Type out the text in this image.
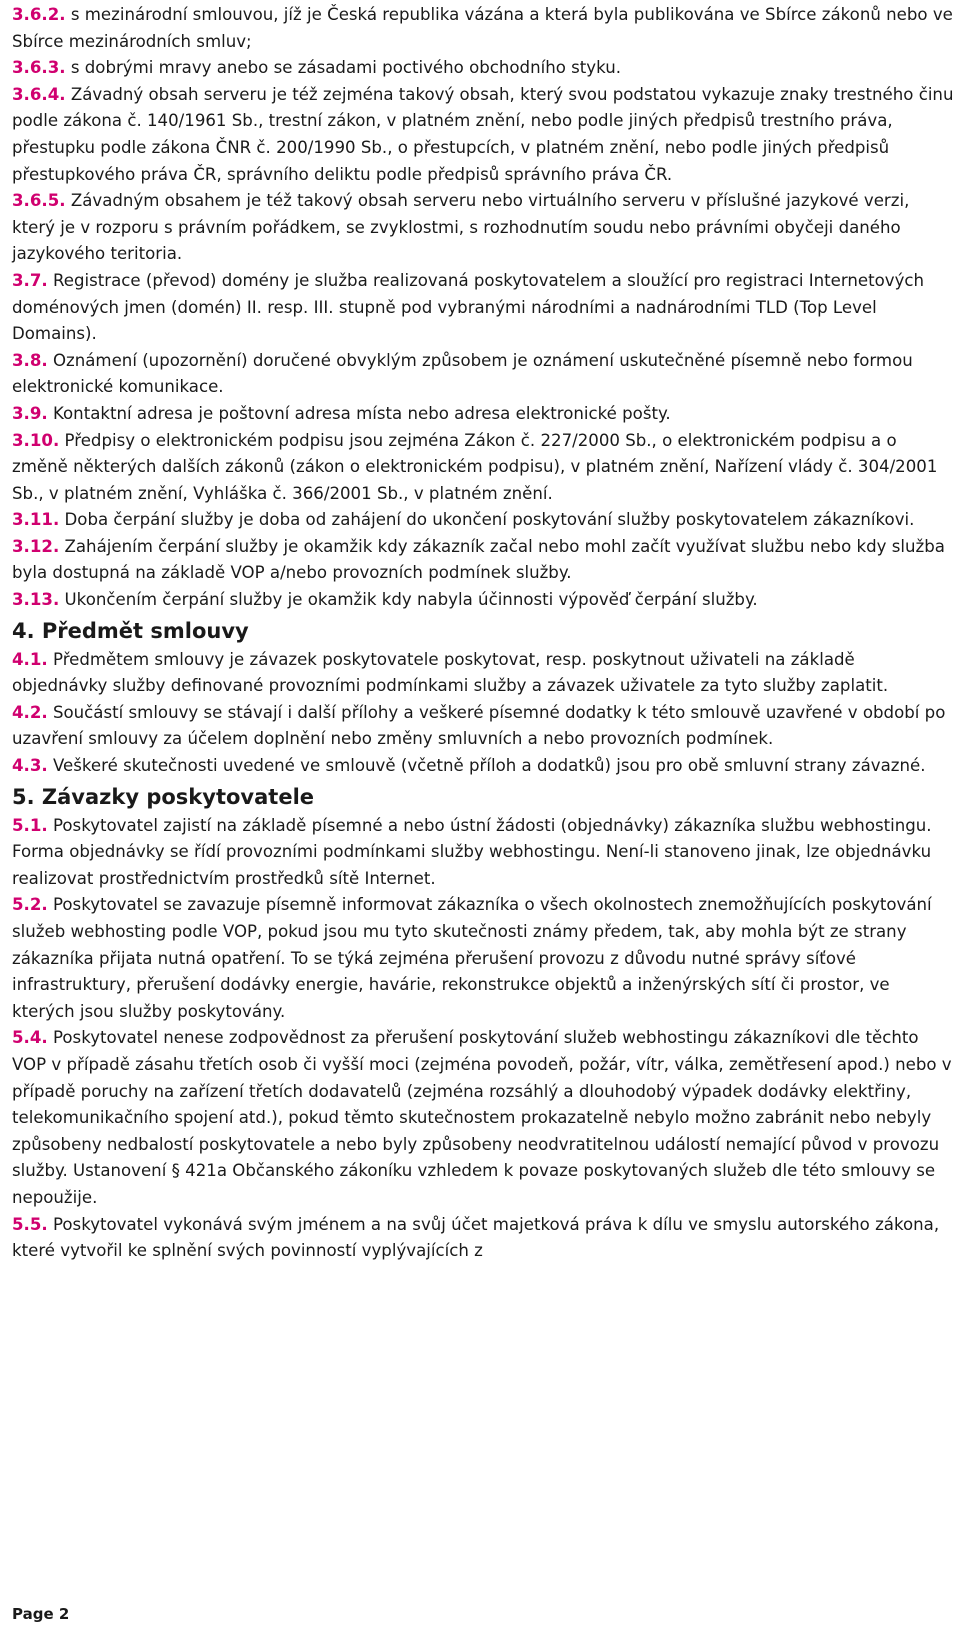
3.6.2. s mezinárodní smlouvou, jíž je Česká republika vázána a která byla publikována ve Sbírce zákonů nebo ve Sbírce mezinárodních smluv;

3.6.3. s dobrými mravy anebo se zásadami poctivého obchodního styku.

3.6.4. Závadný obsah serveru je též zejména takový obsah, který svou podstatou vykazuje znaky trestného činu podle zákona č. 140/1961 Sb., trestní zákon, v platném znění, nebo podle jiných předpisů trestního práva, přestupku podle zákona ČNR č. 200/1990 Sb., o přestupcích, v platném znění, nebo podle jiných předpisů přestupkového práva ČR, správního deliktu podle předpisů správního práva ČR.

3.6.5. Závadným obsahem je též takový obsah serveru nebo virtuálního serveru v příslušné jazykové verzi, který je v rozporu s právním pořádkem, se zvyklostmi, s rozhodnutím soudu nebo právními obyčeji daného jazykového teritoria.

3.7. Registrace (převod) domény je služba realizovaná poskytovatelem a sloužící pro registraci Internetových doménových jmen (domén) II. resp. III. stupně pod vybranými národními a nadnárodními TLD (Top Level Domains).

3.8. Oznámení (upozornění) doručené obvyklým způsobem je oznámení uskutečněné písemně nebo formou elektronické komunikace.

3.9. Kontaktní adresa je poštovní adresa místa nebo adresa elektronické pošty.

3.10. Předpisy o elektronickém podpisu jsou zejména Zákon č. 227/2000 Sb., o elektronickém podpisu a o změně některých dalších zákonů (zákon o elektronickém podpisu), v platném znění, Nařízení vlády č. 304/2001 Sb., v platném znění, Vyhláška č. 366/2001 Sb., v platném znění.

3.11. Doba čerpání služby je doba od zahájení do ukončení poskytování služby poskytovatelem zákazníkovi.

3.12. Zahájením čerpání služby je okamžik kdy zákazník začal nebo mohl začít využívat službu nebo kdy služba byla dostupná na základě VOP a/nebo provozních podmínek služby.

3.13. Ukončením čerpání služby je okamžik kdy nabyla účinnosti výpověď čerpání služby.

4. Předmět smlouvy

4.1. Předmětem smlouvy je závazek poskytovatele poskytovat, resp. poskytnout uživateli na základě objednávky služby definované provozními podmínkami služby a závazek uživatele za tyto služby zaplatit.

4.2. Součástí smlouvy se stávají i další přílohy a veškeré písemné dodatky k této smlouvě uzavřené v období po uzavření smlouvy za účelem doplnění nebo změny smluvních a nebo provozních podmínek.

4.3. Veškeré skutečnosti uvedené ve smlouvě (včetně příloh a dodatků) jsou pro obě smluvní strany závazné.

5. Závazky poskytovatele

5.1. Poskytovatel zajistí na základě písemné a nebo ústní žádosti (objednávky) zákazníka službu webhostingu. Forma objednávky se řídí provozními podmínkami služby webhostingu. Není-li stanoveno jinak, lze objednávku realizovat prostřednictvím prostředků sítě Internet.

5.2. Poskytovatel se zavazuje písemně informovat zákazníka o všech okolnostech znemožňujících poskytování služeb webhosting podle VOP, pokud jsou mu tyto skutečnosti známy předem, tak, aby mohla být ze strany zákazníka přijata nutná opatření. To se týká zejména přerušení provozu z důvodu nutné správy síťové infrastruktury, přerušení dodávky energie, havárie, rekonstrukce objektů a inženýrských sítí či prostor, ve kterých jsou služby poskytovány.

5.4. Poskytovatel nenese zodpovědnost za přerušení poskytování služeb webhostingu zákazníkovi dle těchto VOP v případě zásahu třetích osob či vyšší moci (zejména povodeň, požár, vítr, válka, zemětřesení apod.) nebo v případě poruchy na zařízení třetích dodavatelů (zejména rozsáhlý a dlouhodobý výpadek dodávky elektřiny, telekomunikačního spojení atd.), pokud těmto skutečnostem prokazatelně nebylo možno zabránit nebo nebyly způsobeny nedbalostí poskytovatele a nebo byly způsobeny neodvratitelnou událostí nemající původ v provozu služby. Ustanovení § 421a Občanského zákoníku vzhledem k povaze poskytovaných služeb dle této smlouvy se nepoužije.

5.5. Poskytovatel vykonává svým jménem a na svůj účet majetková práva k dílu ve smyslu autorského zákona, které vytvořil ke splnění svých povinností vyplývajících z

Page 2
